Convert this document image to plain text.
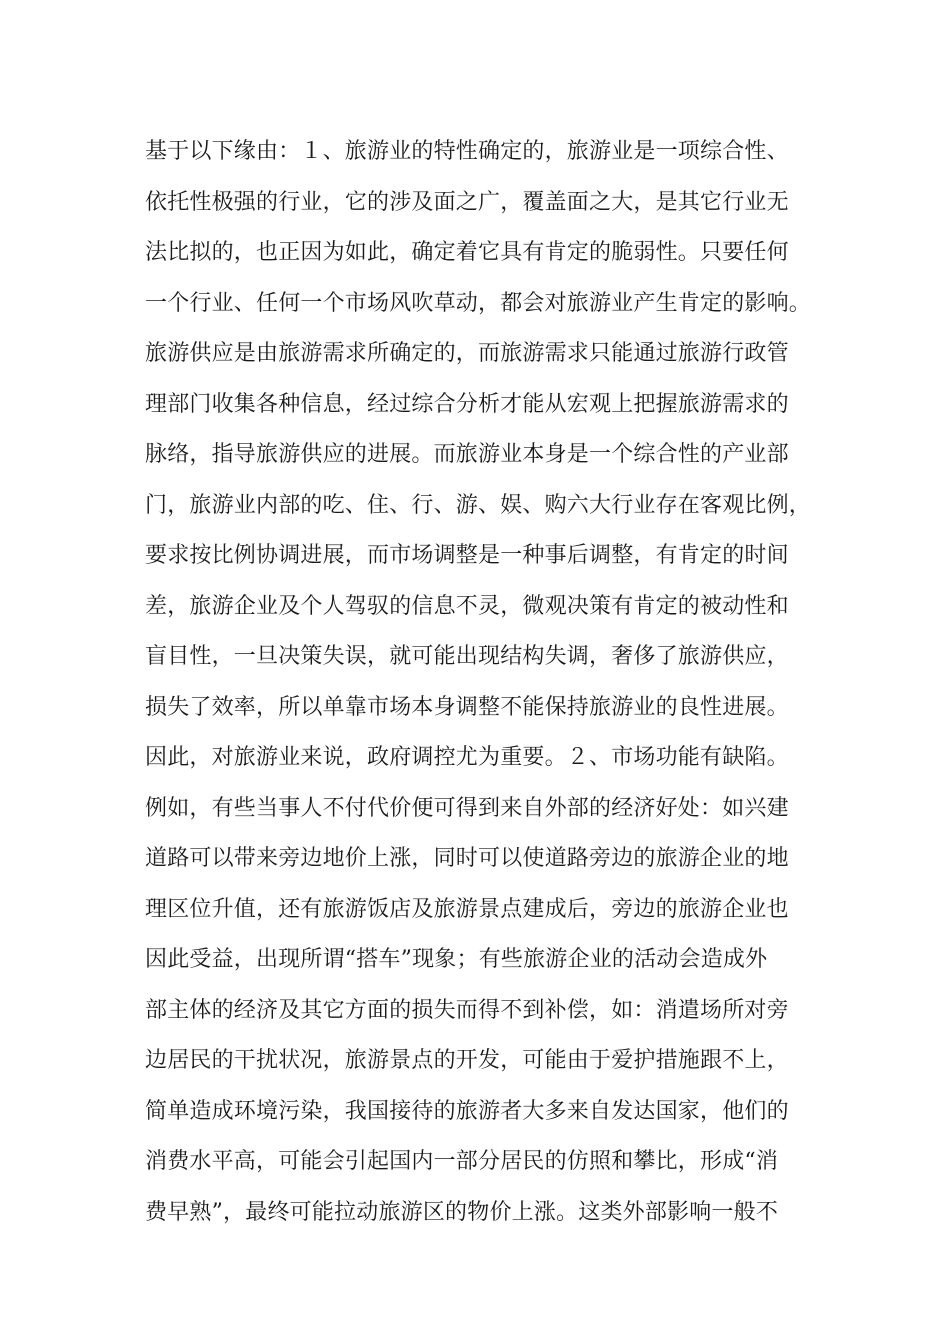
基于以下缘由：１、旅游业的特性确定的，旅游业是一项综合性、
依托性极强的行业，它的涉及面之广，覆盖面之大，是其它行业无
法比拟的，也正因为如此，确定着它具有肯定的脆弱性。只要任何
一个行业、任何一个市场风吹草动，都会对旅游业产生肯定的影响。
旅游供应是由旅游需求所确定的，而旅游需求只能通过旅游行政管
理部门收集各种信息，经过综合分析才能从宏观上把握旅游需求的
脉络，指导旅游供应的进展。而旅游业本身是一个综合性的产业部
门，旅游业内部的吃、住、行、游、娱、购六大行业存在客观比例，
要求按比例协调进展，而市场调整是一种事后调整，有肯定的时间
差，旅游企业及个人驾驭的信息不灵，微观决策有肯定的被动性和
盲目性，一旦决策失误，就可能出现结构失调，奢侈了旅游供应，
损失了效率，所以单靠市场本身调整不能保持旅游业的良性进展。
因此，对旅游业来说，政府调控尤为重要。２、市场功能有缺陷。
例如，有些当事人不付代价便可得到来自外部的经济好处：如兴建
道路可以带来旁边地价上涨，同时可以使道路旁边的旅游企业的地
理区位升值，还有旅游饭店及旅游景点建成后，旁边的旅游企业也
因此受益，出现所谓“搭车”现象；有些旅游企业的活动会造成外
部主体的经济及其它方面的损失而得不到补偿，如：消遣场所对旁
边居民的干扰状况，旅游景点的开发，可能由于爱护措施跟不上，
简单造成环境污染，我国接待的旅游者大多来自发达国家，他们的
消费水平高，可能会引起国内一部分居民的仿照和攀比，形成“消
费早熟”，最终可能拉动旅游区的物价上涨。这类外部影响一般不
